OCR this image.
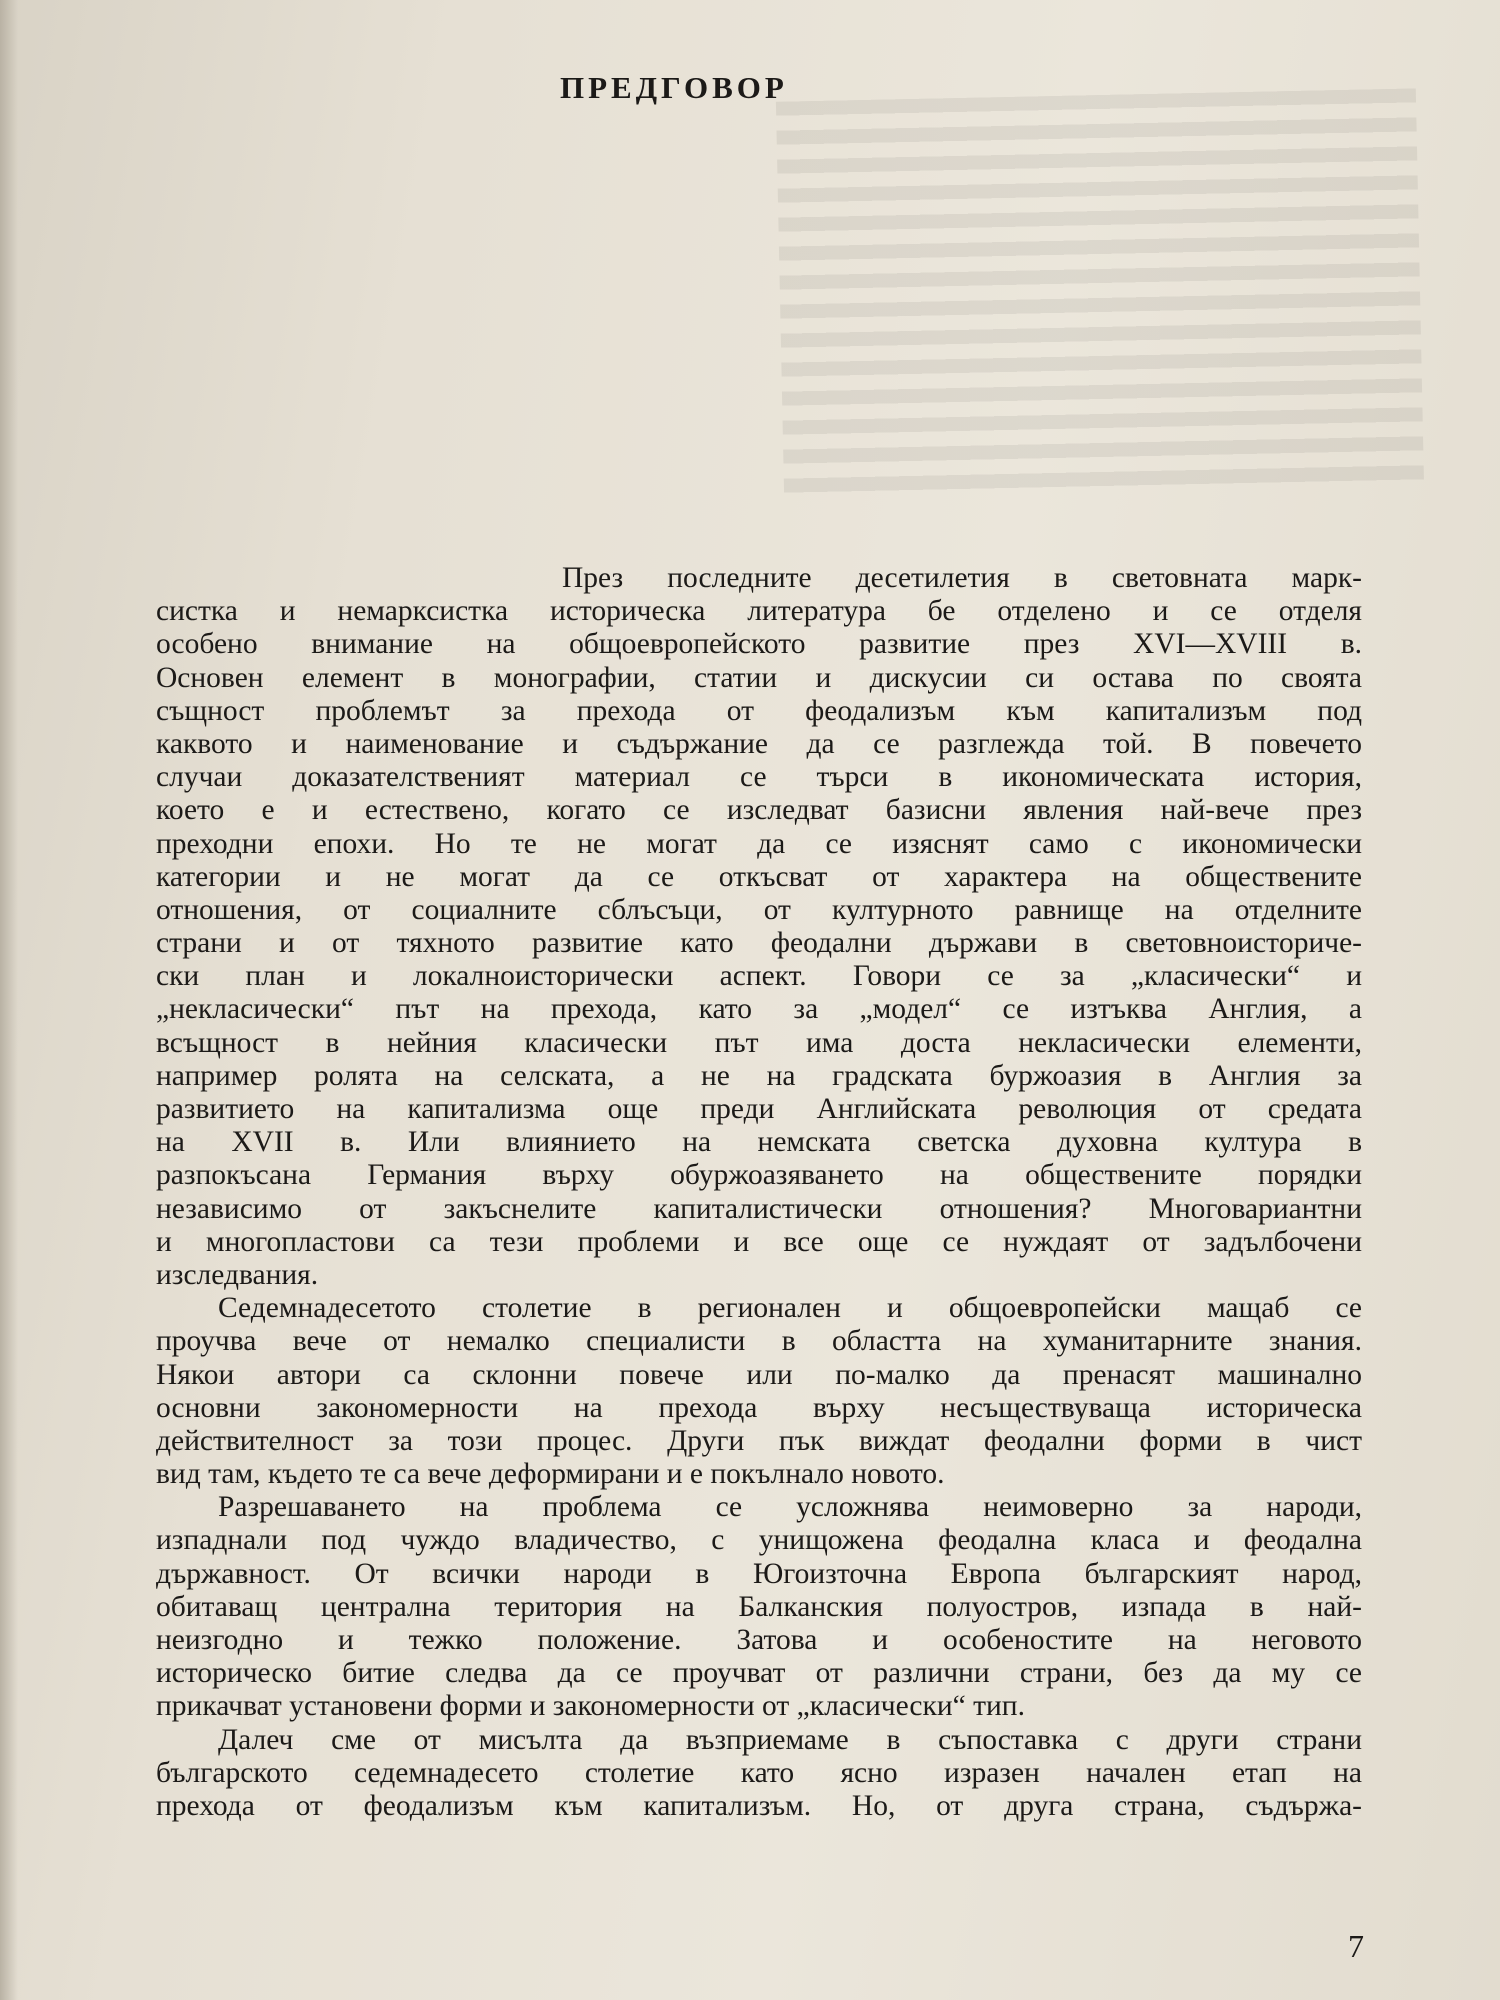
ПРЕДГОВОР
През последните десетилетия в световната марк-
систка и немарксистка историческа литература бе отделено и се отделя
особено внимание на общоевропейското развитие през XVI—XVIII в.
Основен елемент в монографии, статии и дискусии си остава по своята
същност проблемът за прехода от феодализъм към капитализъм под
каквото и наименование и съдържание да се разглежда той. В повечето
случаи доказателственият материал се търси в икономическата история,
което е и естествено, когато се изследват базисни явления най-вече през
преходни епохи. Но те не могат да се изяснят само с икономически
категории и не могат да се откъсват от характера на обществените
отношения, от социалните сблъсъци, от културното равнище на отделните
страни и от тяхното развитие като феодални държави в световноистoриче-
ски план и локалноисторически аспект. Говори се за „класически“ и
„некласически“ път на прехода, като за „модел“ се изтъква Англия, а
всъщност в нейния класически път има доста некласически елементи,
например ролята на селската, а не на градската буржоазия в Англия за
развитието на капитализма още преди Английската революция от средата
на XVII в. Или влиянието на немската светска духовна култура в
разпокъсана Германия върху обуржоазяването на обществените порядки
независимо от закъснелите капиталистически отношения? Многовариантни
и многопластови са тези проблеми и все още се нуждаят от задълбочени
изследвания.
Седемнадесетото столетие в регионален и общоевропейски мащаб се
проучва вече от немалко специалисти в областта на хуманитарните знания.
Някои автори са склонни повече или по-малко да пренасят машинално
основни закономерности на прехода върху несъществуваща историческа
действителност за този процес. Други пък виждат феодални форми в чист
вид там, където те са вече деформирани и е покълнало новото.
Разрешаването на проблема се усложнява неимоверно за народи,
изпаднали под чуждо владичество, с унищожена феодална класа и феодална
държавност. От всички народи в Югоизточна Европа българският народ,
обитаващ централна територия на Балканския полуостров, изпада в най-
неизгодно и тежко положение. Затова и особеностите на неговото
историческо битие следва да се проучват от различни страни, без да му се
прикачват установени форми и закономерности от „класически“ тип.
Далеч сме от мисълта да възприемаме в съпоставка с други страни
българското седемнадесето столетие като ясно изразен начален етап на
прехода от феодализъм към капитализъм. Но, от друга страна, съдържа-

7
